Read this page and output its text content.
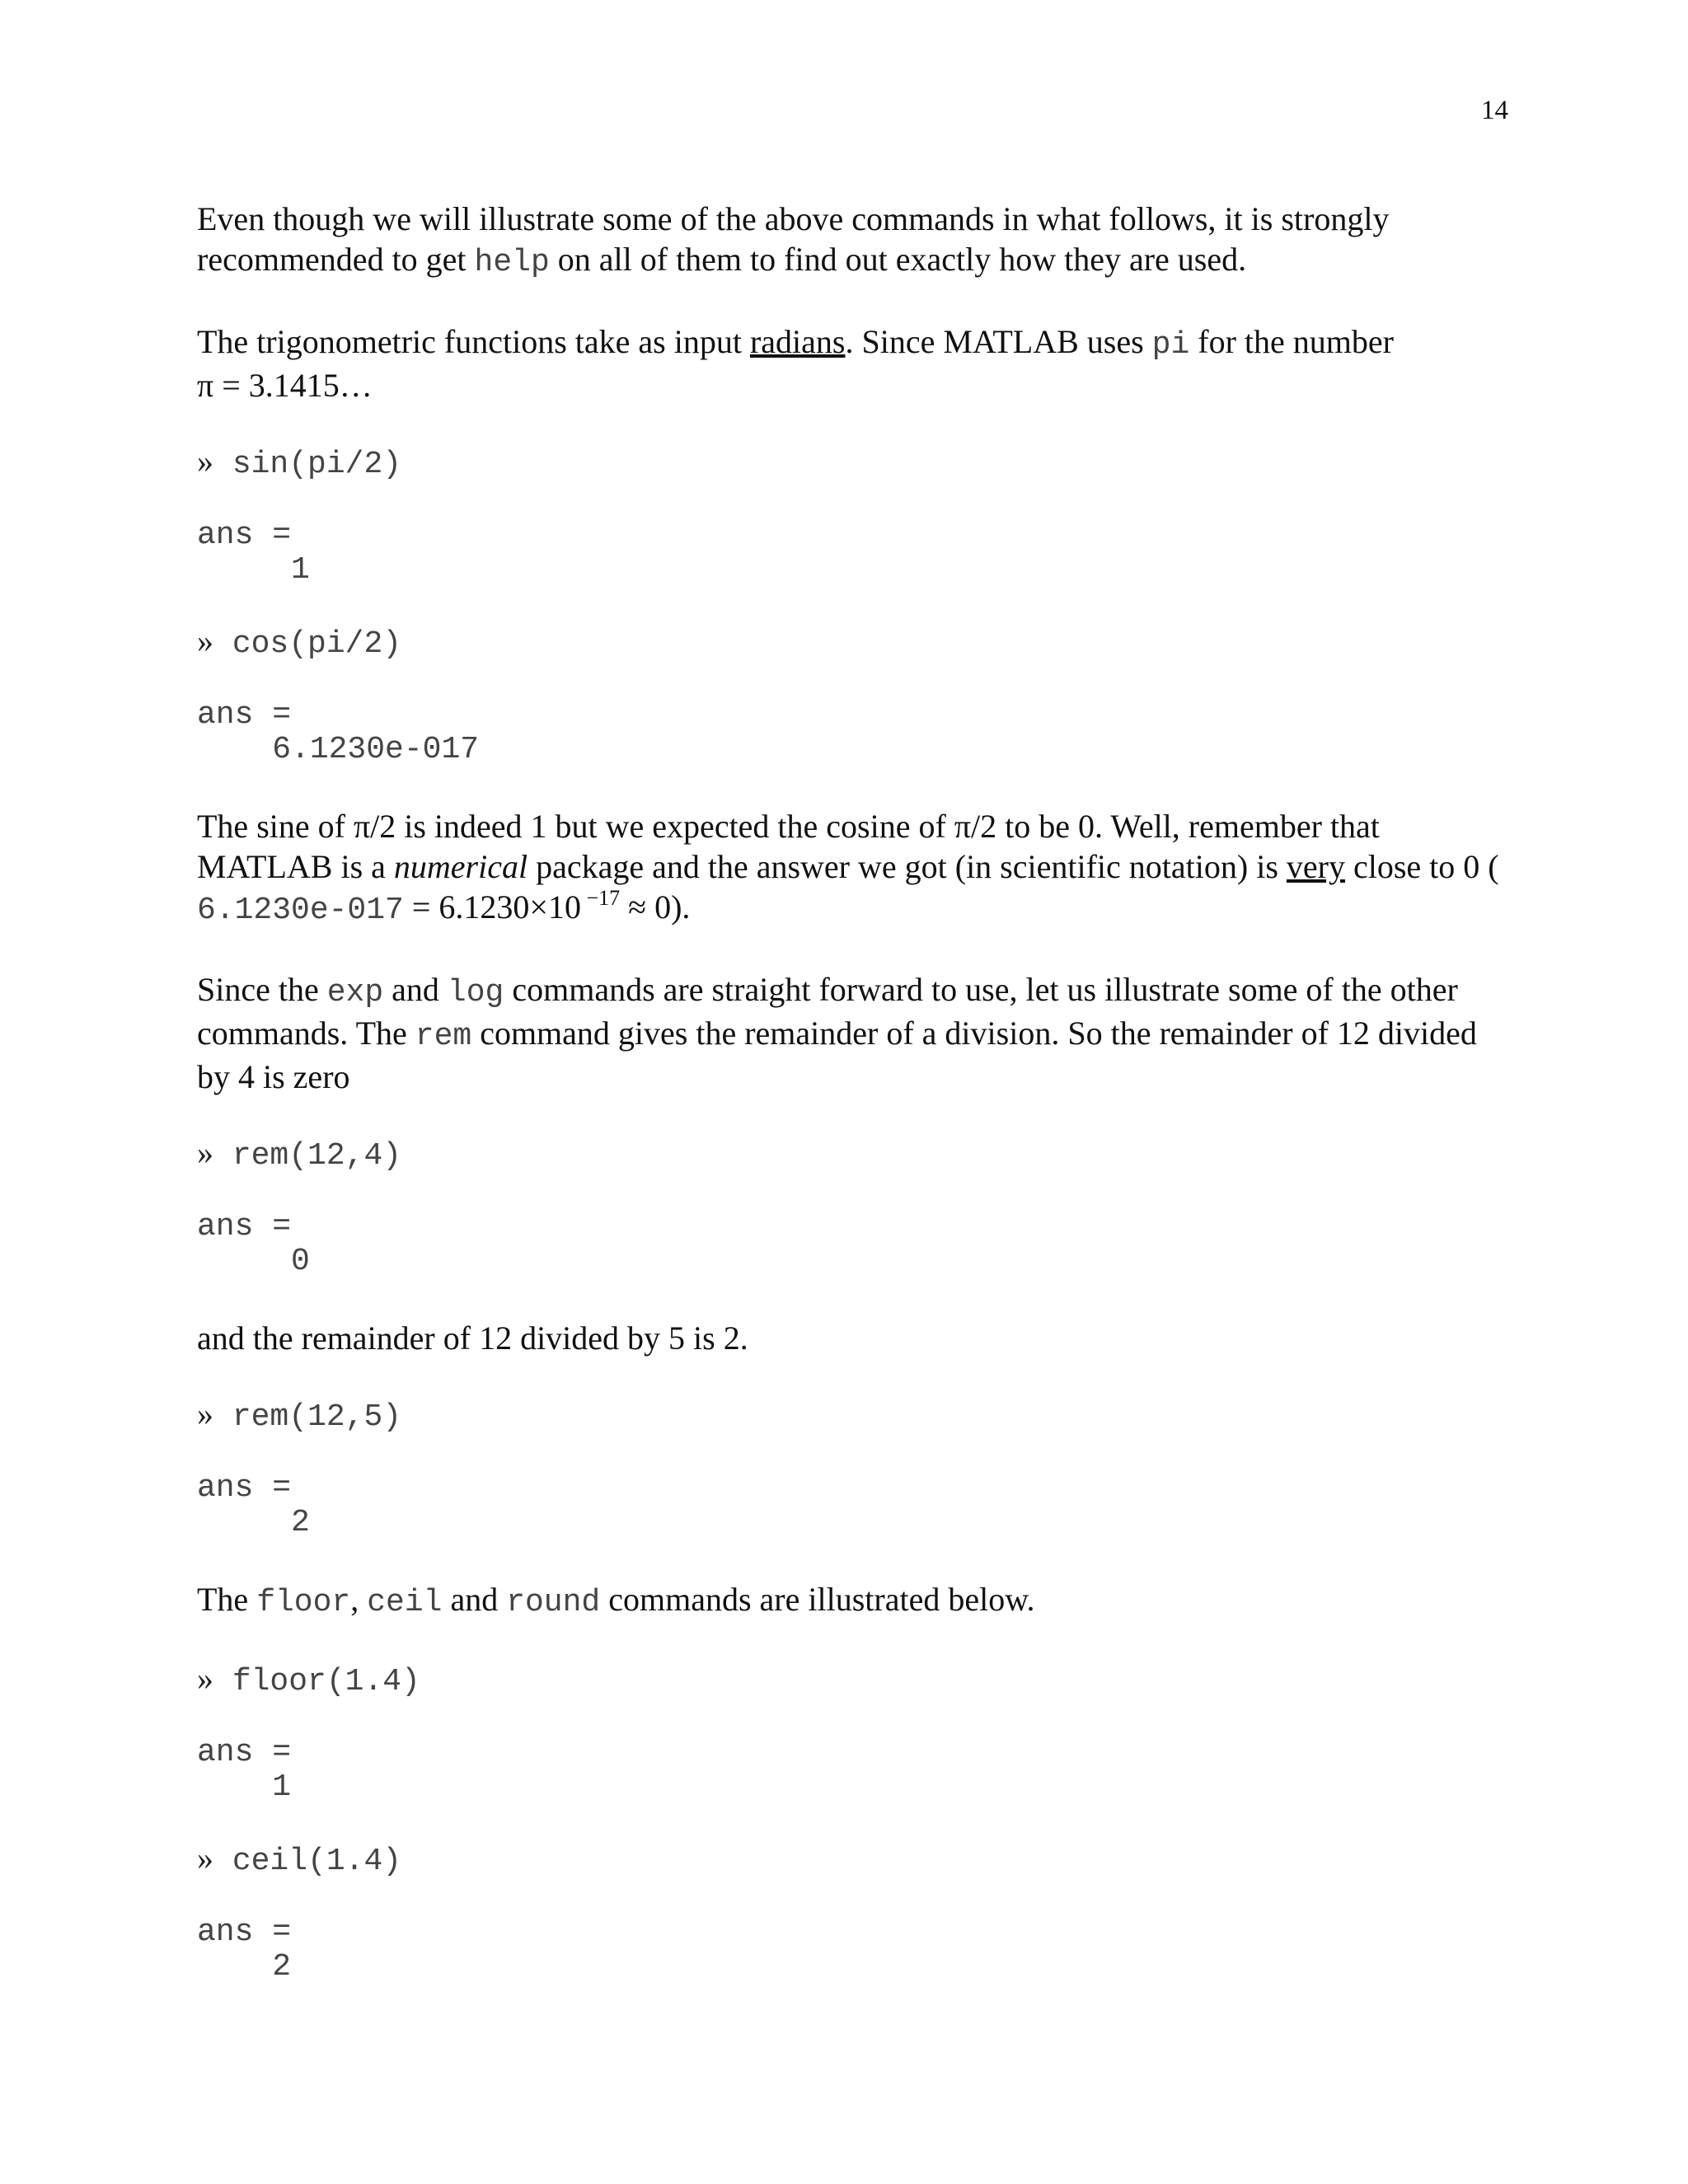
14

Even though we will illustrate some of the above commands in what follows, it is strongly recommended to get help on all of them to find out exactly how they are used.

The trigonometric functions take as input radians. Since MATLAB uses pi for the number
π = 3.1415…

» sin(pi/2)

ans =

1

» cos(pi/2)

ans =

6.1230e-017

The sine of π/2 is indeed 1 but we expected the cosine of π/2 to be 0. Well, remember that MATLAB is a numerical package and the answer we got (in scientific notation) is very close to 0 ( 6.1230e-017 = 6.1230×10 $^{-17}$ ≈ 0).

Since the exp and log commands are straight forward to use, let us illustrate some of the other commands. The rem command gives the remainder of a division. So the remainder of 12 divided by 4 is zero

» rem(12,4)

ans =

0

and the remainder of 12 divided by 5 is 2.

» rem(12,5)

ans =

2

The floor, ceil and round commands are illustrated below.

» floor(1.4)

ans =

1

» ceil(1.4)

ans =

2
